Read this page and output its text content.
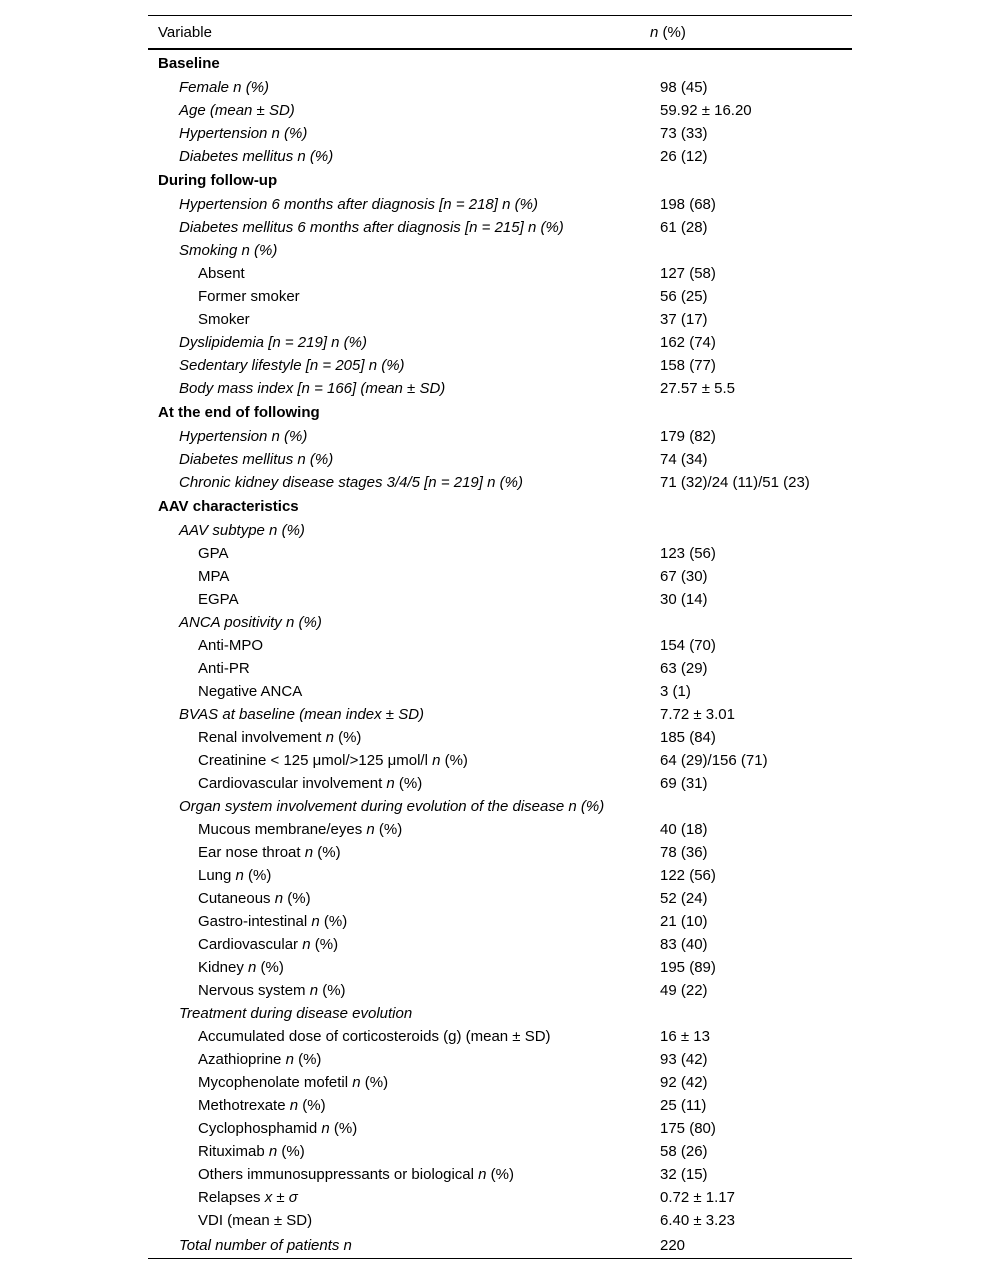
Variable	n (%)
Baseline
Female n (%)	98 (45)
Age (mean ± SD)	59.92 ± 16.20
Hypertension n (%)	73 (33)
Diabetes mellitus n (%)	26 (12)
During follow-up
Hypertension 6 months after diagnosis [n = 218] n (%)	198 (68)
Diabetes mellitus 6 months after diagnosis [n = 215] n (%)	61 (28)
Smoking n (%)
Absent	127 (58)
Former smoker	56 (25)
Smoker	37 (17)
Dyslipidemia [n = 219] n (%)	162 (74)
Sedentary lifestyle [n = 205] n (%)	158 (77)
Body mass index [n = 166] (mean ± SD)	27.57 ± 5.5
At the end of following
Hypertension n (%)	179 (82)
Diabetes mellitus n (%)	74 (34)
Chronic kidney disease stages 3/4/5 [n = 219] n (%)	71 (32)/24 (11)/51 (23)
AAV characteristics
AAV subtype n (%)
GPA	123 (56)
MPA	67 (30)
EGPA	30 (14)
ANCA positivity n (%)
Anti-MPO	154 (70)
Anti-PR	63 (29)
Negative ANCA	3 (1)
BVAS at baseline (mean index ± SD)	7.72 ± 3.01
Renal involvement n (%)	185 (84)
Creatinine < 125 μmol/>125 μmol/l n (%)	64 (29)/156 (71)
Cardiovascular involvement n (%)	69 (31)
Organ system involvement during evolution of the disease n (%)
Mucous membrane/eyes n (%)	40 (18)
Ear nose throat n (%)	78 (36)
Lung n (%)	122 (56)
Cutaneous n (%)	52 (24)
Gastro-intestinal n (%)	21 (10)
Cardiovascular n (%)	83 (40)
Kidney n (%)	195 (89)
Nervous system n (%)	49 (22)
Treatment during disease evolution
Accumulated dose of corticosteroids (g) (mean ± SD)	16 ± 13
Azathioprine n (%)	93 (42)
Mycophenolate mofetil n (%)	92 (42)
Methotrexate n (%)	25 (11)
Cyclophosphamid n (%)	175 (80)
Rituximab n (%)	58 (26)
Others immunosuppressants or biological n (%)	32 (15)
Relapses x ± σ	0.72 ± 1.17
VDI (mean ± SD)	6.40 ± 3.23
Total number of patients n	220
